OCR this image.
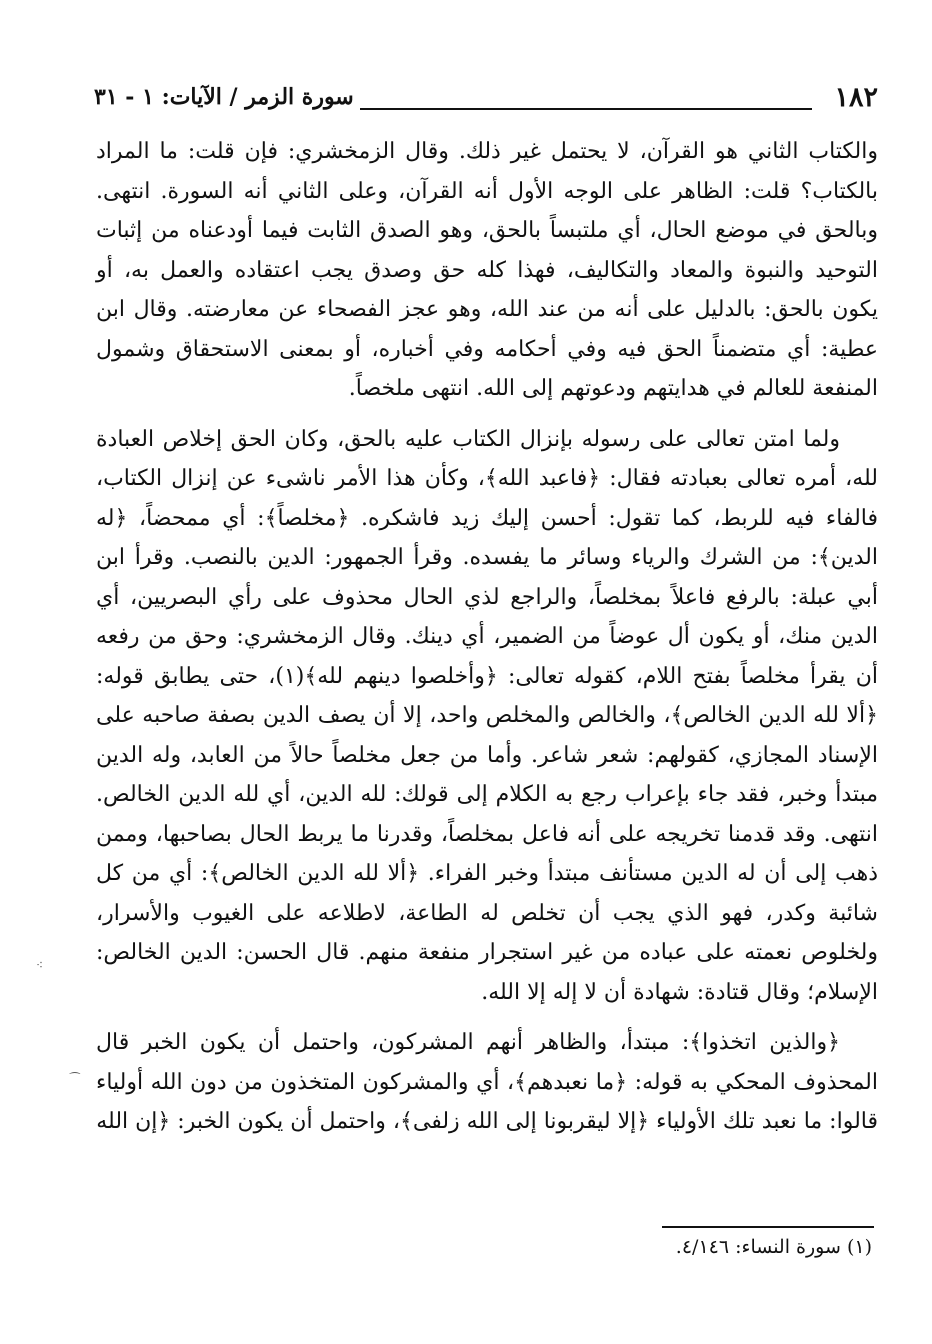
١٨٢
سورة الزمر / الآيات: ١ - ٣١

والكتاب الثاني هو القرآن، لا يحتمل غير ذلك. وقال الزمخشري: فإن قلت: ما المراد بالكتاب؟ قلت: الظاهر على الوجه الأول أنه القرآن، وعلى الثاني أنه السورة. انتهى. وبالحق في موضع الحال، أي ملتبساً بالحق، وهو الصدق الثابت فيما أودعناه من إثبات التوحيد والنبوة والمعاد والتكاليف، فهذا كله حق وصدق يجب اعتقاده والعمل به، أو يكون بالحق: بالدليل على أنه من عند الله، وهو عجز الفصحاء عن معارضته. وقال ابن عطية: أي متضمناً الحق فيه وفي أحكامه وفي أخباره، أو بمعنى الاستحقاق وشمول المنفعة للعالم في هدايتهم ودعوتهم إلى الله. انتهى ملخصاً.

ولما امتن تعالى على رسوله بإنزال الكتاب عليه بالحق، وكان الحق إخلاص العبادة لله، أمره تعالى بعبادته فقال: ﴿فاعبد الله﴾، وكأن هذا الأمر ناشىء عن إنزال الكتاب، فالفاء فيه للربط، كما تقول: أحسن إليك زيد فاشكره. ﴿مخلصاً﴾: أي ممحضاً، ﴿له الدين﴾: من الشرك والرياء وسائر ما يفسده. وقرأ الجمهور: الدين بالنصب. وقرأ ابن أبي عبلة: بالرفع فاعلاً بمخلصاً، والراجع لذي الحال محذوف على رأي البصريين، أي الدين منك، أو يكون أل عوضاً من الضمير، أي دينك. وقال الزمخشري: وحق من رفعه أن يقرأ مخلصاً بفتح اللام، كقوله تعالى: ﴿وأخلصوا دينهم لله﴾(١)، حتى يطابق قوله: ﴿ألا لله الدين الخالص﴾، والخالص والمخلص واحد، إلا أن يصف الدين بصفة صاحبه على الإسناد المجازي، كقولهم: شعر شاعر. وأما من جعل مخلصاً حالاً من العابد، وله الدين مبتدأ وخبر، فقد جاء بإعراب رجع به الكلام إلى قولك: لله الدين، أي لله الدين الخالص. انتهى. وقد قدمنا تخريجه على أنه فاعل بمخلصاً، وقدرنا ما يربط الحال بصاحبها، وممن ذهب إلى أن له الدين مستأنف مبتدأ وخبر الفراء. ﴿ألا لله الدين الخالص﴾: أي من كل شائبة وكدر، فهو الذي يجب أن تخلص له الطاعة، لاطلاعه على الغيوب والأسرار، ولخلوص نعمته على عباده من غير استجرار منفعة منهم. قال الحسن: الدين الخالص: الإسلام؛ وقال قتادة: شهادة أن لا إله إلا الله.

﴿والذين اتخذوا﴾: مبتدأ، والظاهر أنهم المشركون، واحتمل أن يكون الخبر قال المحذوف المحكي به قوله: ﴿ما نعبدهم﴾، أي والمشركون المتخذون من دون الله أولياء قالوا: ما نعبد تلك الأولياء ﴿إلا ليقربونا إلى الله زلفى﴾، واحتمل أن يكون الخبر: ﴿إن الله

(١) سورة النساء: ٤/١٤٦.
⁖
⁀
